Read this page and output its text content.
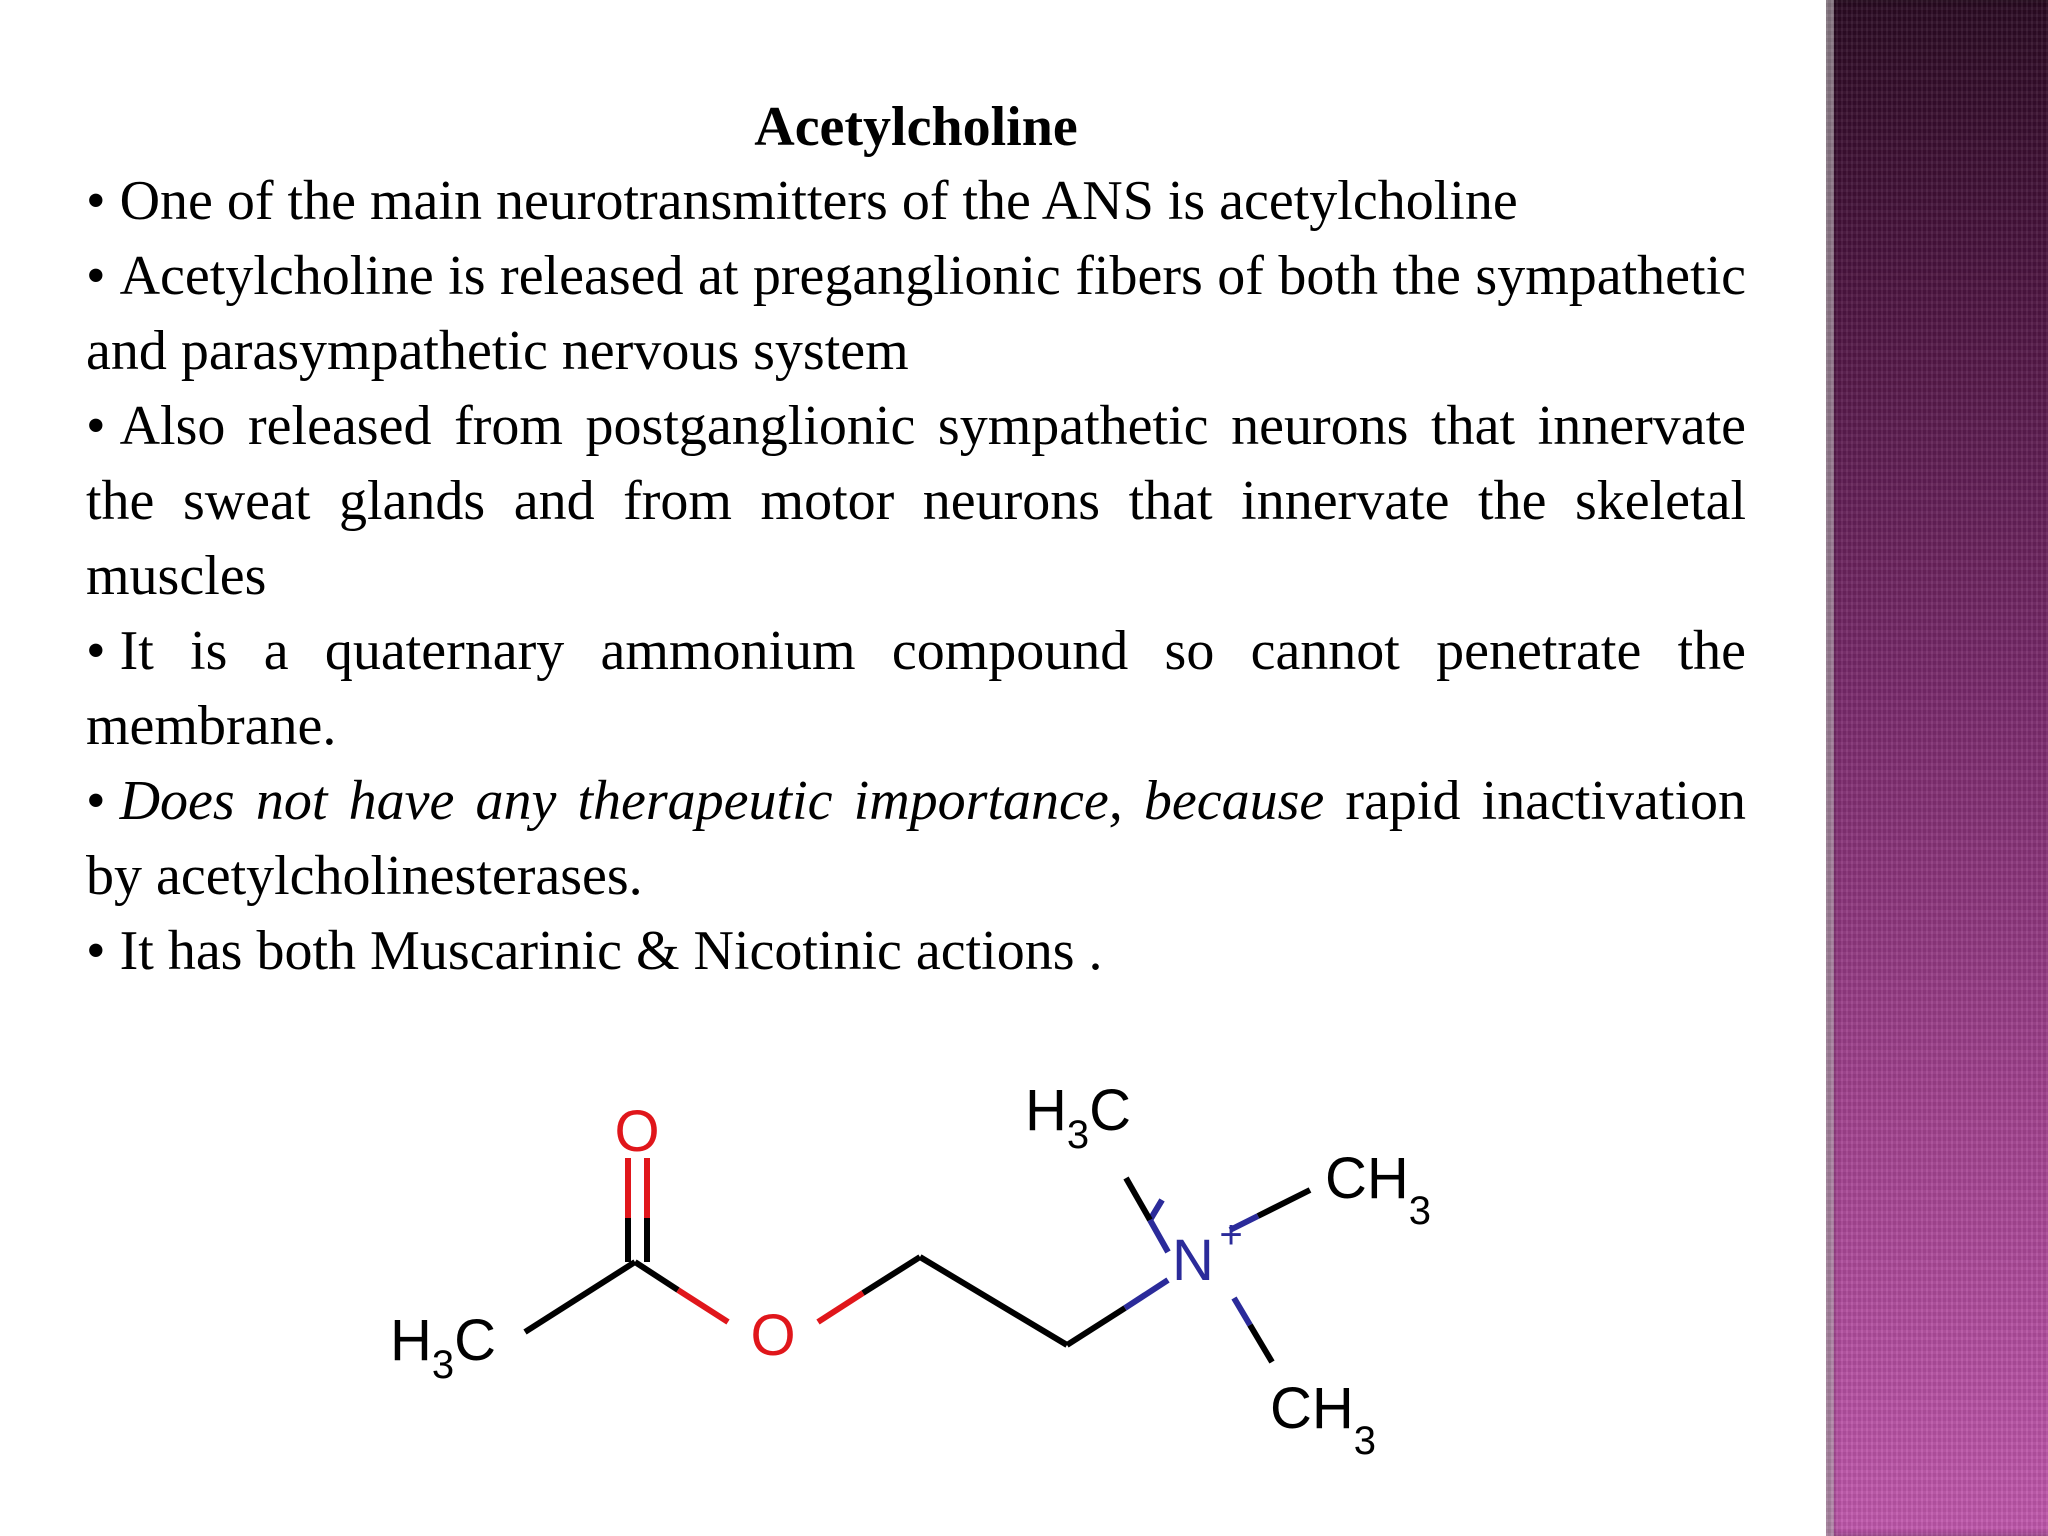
Acetylcholine
• One of the main neurotransmitters of the ANS is acetylcholine
• Acetylcholine is released at preganglionic fibers of both the sympathetic and parasympathetic nervous system
• Also released from postganglionic sympathetic neurons that innervate the sweat glands and from motor neurons that innervate the skeletal muscles
• It is a quaternary ammonium compound so cannot penetrate the membrane.
• Does not have any therapeutic importance, because rapid inactivation by acetylcholinesterases.
• It has both Muscarinic & Nicotinic actions .
O
O
N +
$H_3C$
$H_3C$
$CH_3$
$CH_3$
